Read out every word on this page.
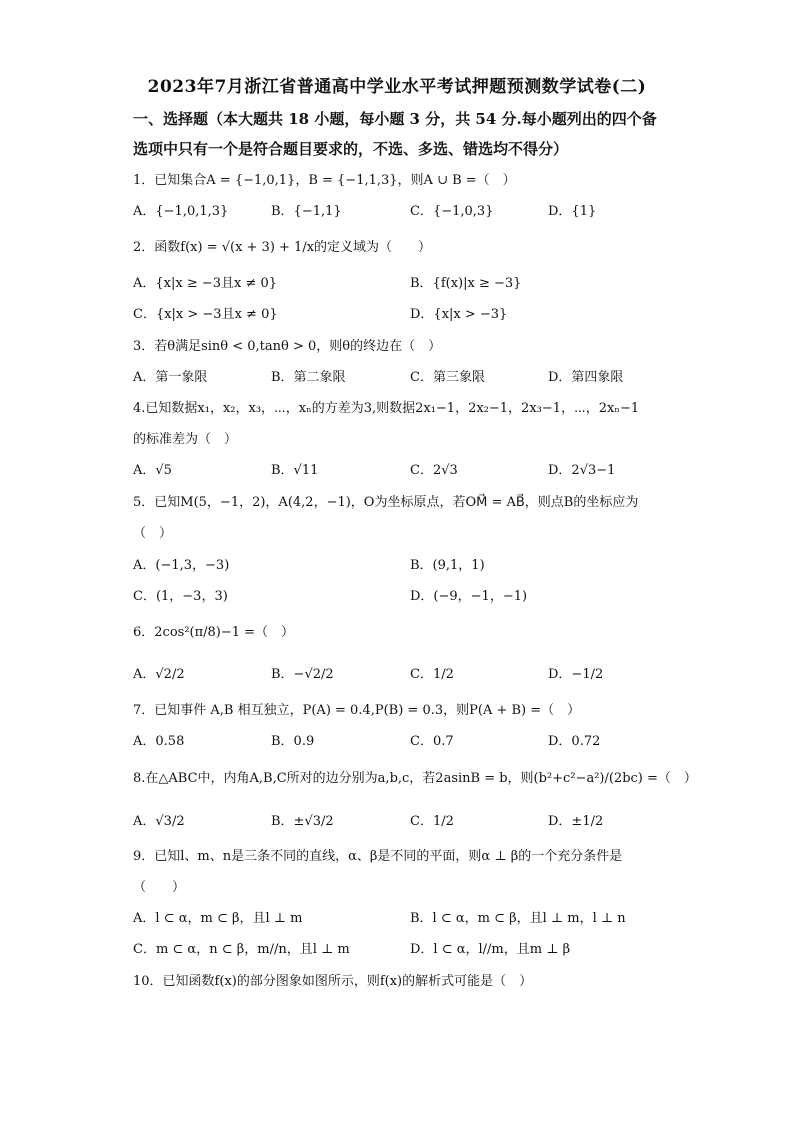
2023年7月浙江省普通高中学业水平考试押题预测数学试卷(二)
一、选择题（本大题共 18 小题，每小题 3 分，共 54 分.每小题列出的四个备
选项中只有一个是符合题目要求的，不选、多选、错选均不得分）
1．已知集合A = {−1,0,1}，B = {−1,1,3}，则A ∪ B =（　）
A．{−1,0,1,3}	B．{−1,1}	C．{−1,0,3}	D．{1}
2．函数f(x) = √(x + 3) + 1/x的定义域为（　　）
A．{x|x ≥ −3且x ≠ 0}	B．{f(x)|x ≥ −3}
C．{x|x > −3且x ≠ 0}	D．{x|x > −3}
3．若θ满足sinθ < 0,tanθ > 0，则θ的终边在（　）
A．第一象限	B．第二象限	C．第三象限	D．第四象限
4.已知数据x₁，x₂，x₃，⋯，xₙ的方差为3,则数据2x₁−1，2x₂−1，2x₃−1，⋯，2xₙ−1
的标准差为（　）
A．√5	B．√11	C．2√3	D．2√3−1
5．已知M(5，−1，2)，A(4,2，−1)，O为坐标原点，若OM⃗ = AB⃗，则点B的坐标应为
（　）
A．(−1,3，−3)	B．(9,1，1)
C．(1，−3，3)	D．(−9，−1，−1)
6．2cos²(π/8)−1 =（　）
A．√2/2	B．−√2/2	C．1/2	D．−1/2
7．已知事件 A,B 相互独立，P(A) = 0.4,P(B) = 0.3，则P(A + B) =（　）
A．0.58	B．0.9	C．0.7	D．0.72
8.在△ABC中，内角A,B,C所对的边分别为a,b,c，若2asinB = b，则(b²+c²−a²)/(2bc) =（　）
A．√3/2	B．±√3/2	C．1/2	D．±1/2
9．已知l、m、n是三条不同的直线，α、β是不同的平面，则α ⊥ β的一个充分条件是
（　　）
A．l ⊂ α，m ⊂ β，且l ⊥ m	B．l ⊂ α，m ⊂ β，且l ⊥ m，l ⊥ n
C．m ⊂ α，n ⊂ β，m//n，且l ⊥ m	D．l ⊂ α，l//m，且m ⊥ β
10．已知函数f(x)的部分图象如图所示，则f(x)的解析式可能是（　）
